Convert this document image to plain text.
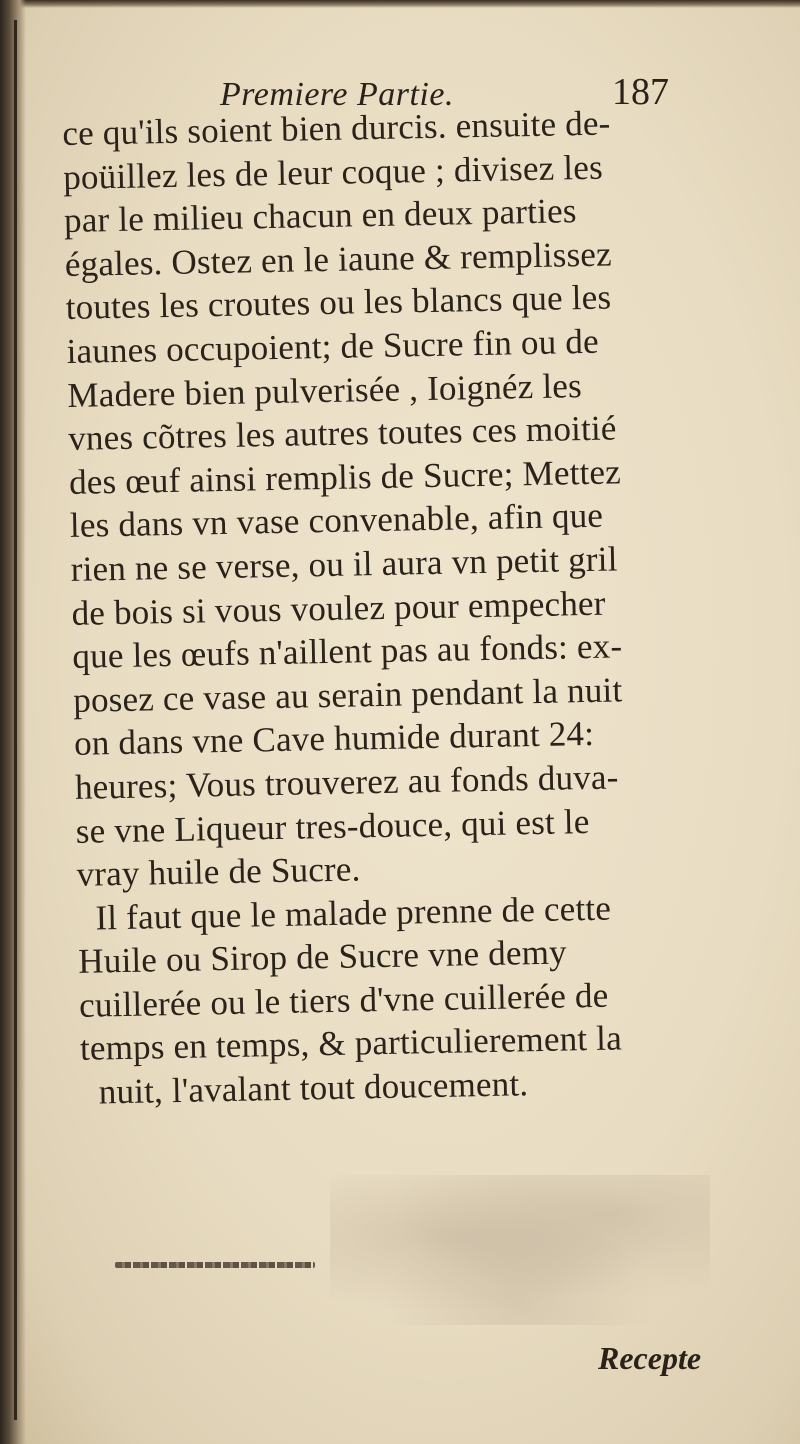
Premiere Partie.	187
ce qu'ils soient bien durcis. ensuite de-
poüillez les de leur coque ; divisez les
par le milieu chacun en deux parties
égales. Ostez en le iaune & remplissez
toutes les croutes ou les blancs que les
iaunes occupoient; de Sucre fin ou de
Madere bien pulverisée , Ioignéz les
vnes cõtres les autres toutes ces moitié
des œuf ainsi remplis de Sucre; Mettez
les dans vn vase convenable, afin que
rien ne se verse, ou il aura vn petit gril
de bois si vous voulez pour empecher
que les œufs n'aillent pas au fonds: ex-
posez ce vase au serain pendant la nuit
on dans vne Cave humide durant 24:
heures; Vous trouverez au fonds duva-
se vne Liqueur tres-douce, qui est le
vray huile de Sucre.
Il faut que le malade prenne de cette
Huile ou Sirop de Sucre vne demy
cuillerée ou le tiers d'vne cuillerée de
temps en temps, & particulierement la
nuit, l'avalant tout doucement.
Recepte
